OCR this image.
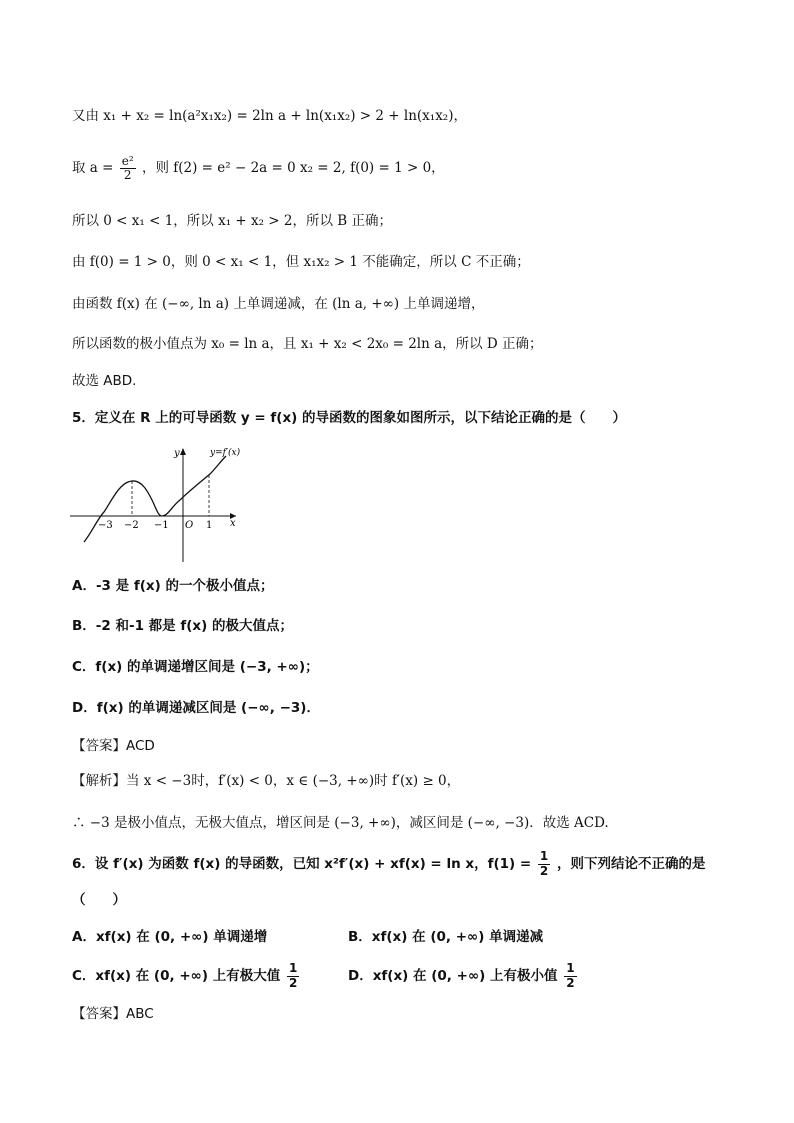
又由 x₁ + x₂ = ln(a²x₁x₂) = 2ln a + ln(x₁x₂) > 2 + ln(x₁x₂)，
取 $a = \frac{\text{e²}}{2}$ ，则 f(2) = e² − 2a = 0 x₂ = 2, f(0) = 1 > 0，
所以 0 < x₁ < 1，所以 x₁ + x₂ > 2，所以 B 正确；
由 f(0) = 1 > 0，则 0 < x₁ < 1，但 x₁x₂ > 1 不能确定，所以 C 不正确；
由函数 f(x) 在 (−∞, ln a) 上单调递减，在 (ln a, +∞) 上单调递增，
所以函数的极小值点为 x₀ = ln a，且 x₁ + x₂ < 2x₀ = 2ln a，所以 D 正确；
故选 ABD.
5．定义在 R 上的可导函数 y = f(x) 的导函数的图象如图所示，以下结论正确的是（　　）
y
x
y=f′(x)
O
−3 −2 −1	1
A．-3 是 f(x) 的一个极小值点；
B．-2 和-1 都是 f(x) 的极大值点；
C．f(x) 的单调递增区间是 (−3, +∞)；
D．f(x) 的单调递减区间是 (−∞, −3)．
【答案】ACD
【解析】当 x < −3时，f′(x) < 0，x ∈ (−3, +∞)时 f′(x) ≥ 0，
∴ −3 是极小值点，无极大值点，增区间是 (−3, +∞)，减区间是 (−∞, −3)．故选 ACD.
6．设 f′(x) 为函数 f(x) 的导函数，已知 x²f′(x) + xf(x) = ln x，$f(1) = \frac{1}{2}$ ，则下列结论不正确的是
（　　）
A．xf(x) 在 (0, +∞) 单调递增	B．xf(x) 在 (0, +∞) 单调递减
C．xf(x) 在 (0, +∞) 上有极大值 $\frac{1}{2}$	D．xf(x) 在 (0, +∞) 上有极小值 $\frac{1}{2}$
【答案】ABC
